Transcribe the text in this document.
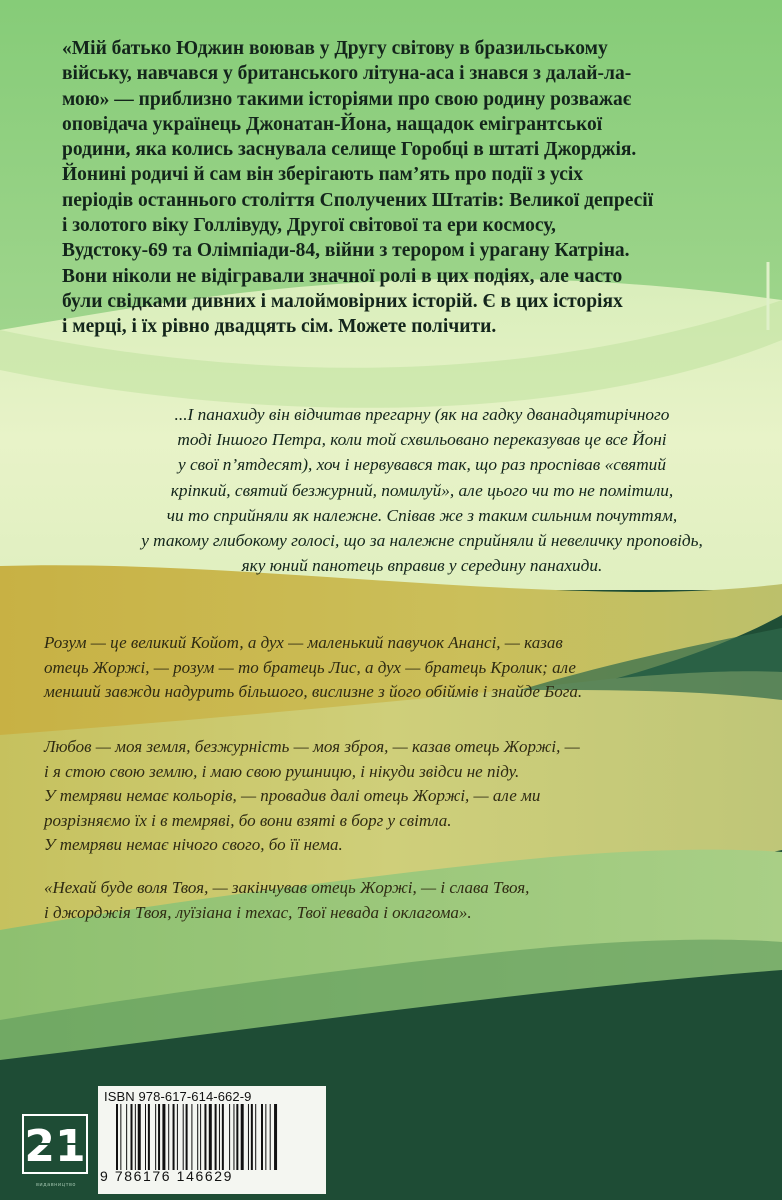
«Мій батько Юджин воював у Другу світову в бразильському
війську, навчався у британського літуна-аса і знався з далай-ла-
мою» — приблизно такими історіями про свою родину розважає
оповідача українець Джонатан-Йона, нащадок емігрантської
родини, яка колись заснувала селище Горобці в штаті Джорджія.
Йонині родичі й сам він зберігають пам’ять про події з усіх
періодів останнього століття Сполучених Штатів: Великої депресії
і золотого віку Голлівуду, Другої світової та ери космосу,
Вудстоку-69 та Олімпіади-84, війни з терором і урагану Катріна.
Вони ніколи не відігравали значної ролі в цих подіях, але часто
були свідками дивних і малоймовірних історій. Є в цих історіях
і мерці, і їх рівно двадцять сім. Можете полічити.

...І панахиду він відчитав прегарну (як на гадку дванадцятирічного
тоді Іншого Петра, коли той схвильовано переказував це все Йоні
у свої п’ятдесят), хоч і нервувався так, що раз проспівав «святий
кріпкий, святий безжурний, помилуй», але цього чи то не помітили,
чи то сприйняли як належне. Співав же з таким сильним почуттям,
у такому глибокому голосі, що за належне сприйняли й невеличку проповідь,
яку юний панотець вправив у середину панахиди.

Розум — це великий Койот, а дух — маленький павучок Анансі, — казав
отець Жоржі, — розум — то братець Лис, а дух — братець Кролик; але
менший завжди надурить більшого, вислизне з його обіймів і знайде Бога.

Любов — моя земля, безжурність — моя зброя, — казав отець Жоржі, —
і я стою свою землю, і маю свою рушницю, і нікуди звідси не піду.
У темряви немає кольорів, — провадив далі отець Жоржі, — але ми
розрізняємо їх і в темряві, бо вони взяті в борг у світла.
У темряви немає нічого свого, бо її нема.

«Нехай буде воля Твоя, — закінчував отець Жоржі, — і слава Твоя,
і джорджія Твоя, луїзіана і техас, Твої невада і оклагома».

21
видавництво
ISBN 978-617-614-662-9
9 786176 146629
